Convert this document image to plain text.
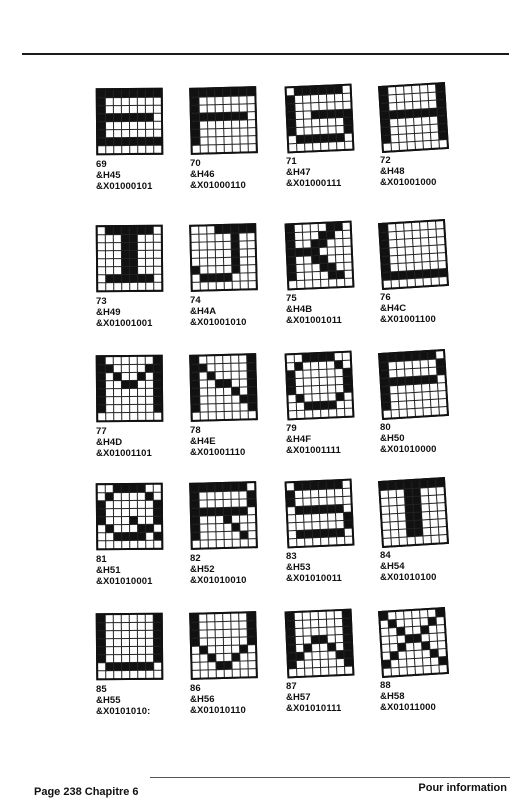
69
&H45
&X01000101
70
&H46
&X01000110
71
&H47
&X01000111
72
&H48
&X01001000
73
&H49
&X01001001
74
&H4A
&X01001010
75
&H4B
&X01001011
76
&H4C
&X01001100
77
&H4D
&X01001101
78
&H4E
&X01001110
79
&H4F
&X01001111
80
&H50
&X01010000
81
&H51
&X01010001
82
&H52
&X01010010
83
&H53
&X01010011
84
&H54
&X01010100
85
&H55
&X0101010:
86
&H56
&X01010110
87
&H57
&X01010111
88
&H58
&X01011000
Page 238 Chapitre 6	Pour information
